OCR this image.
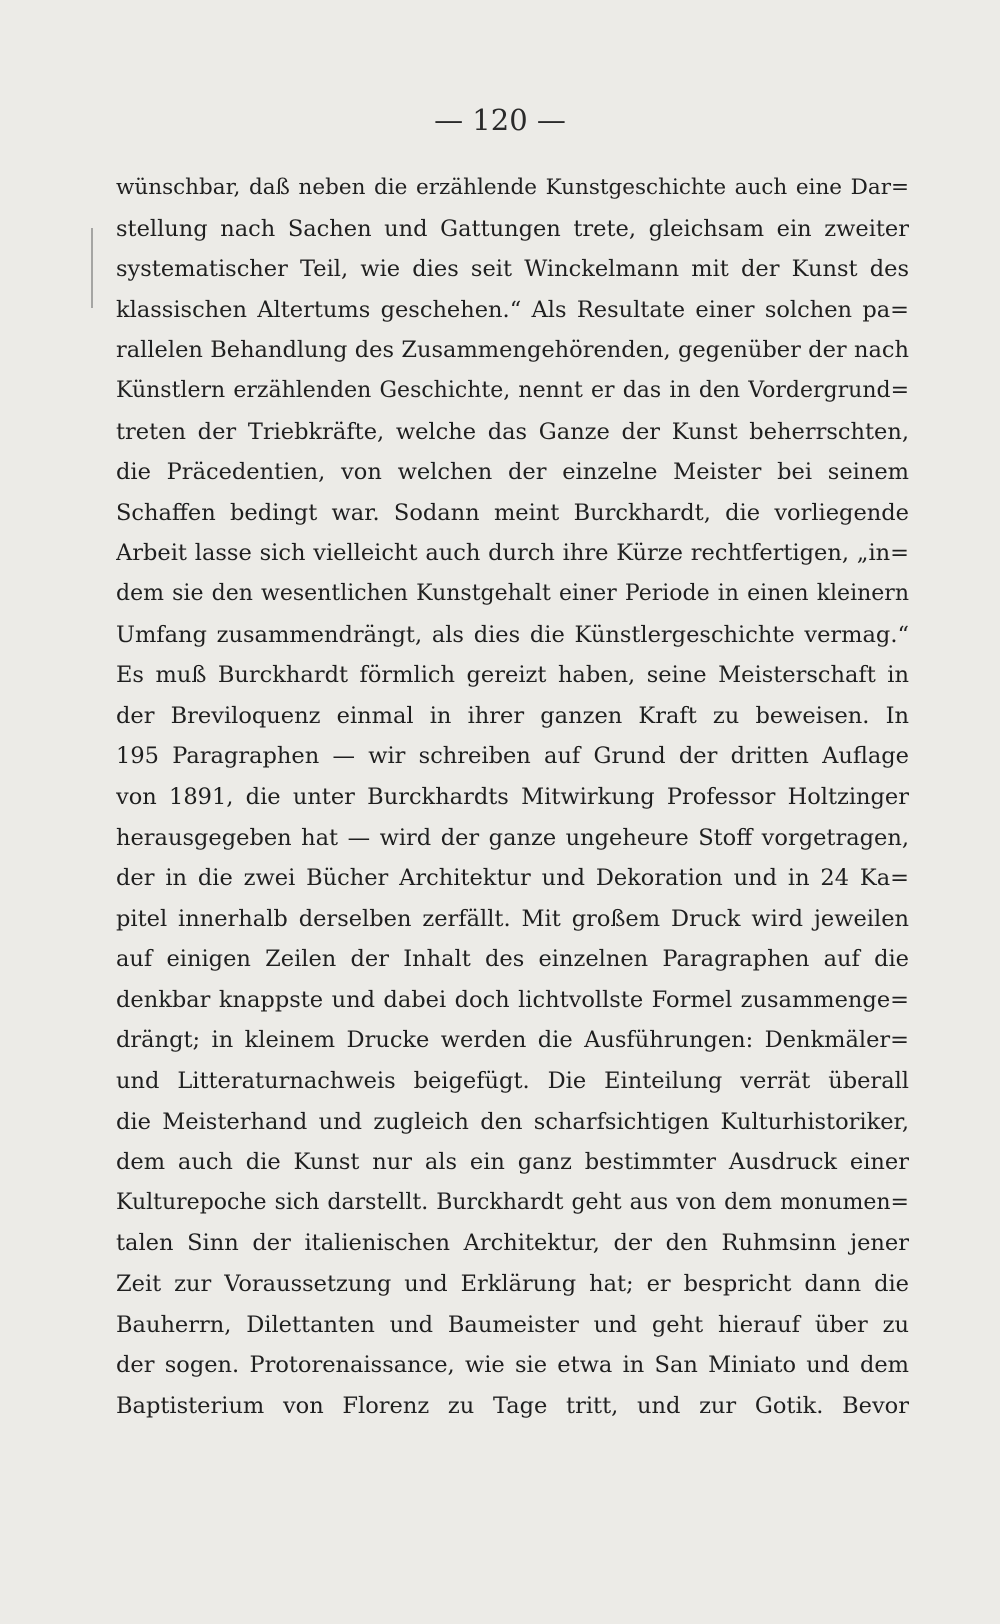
— 120 —
wünschbar, daß neben die erzählende Kunstgeschichte auch eine Dar=
stellung nach Sachen und Gattungen trete, gleichsam ein zweiter
systematischer Teil, wie dies seit Winckelmann mit der Kunst des
klassischen Altertums geschehen.“ Als Resultate einer solchen pa=
rallelen Behandlung des Zusammengehörenden, gegenüber der nach
Künstlern erzählenden Geschichte, nennt er das in den Vordergrund=
treten der Triebkräfte, welche das Ganze der Kunst beherrschten,
die Präcedentien, von welchen der einzelne Meister bei seinem
Schaffen bedingt war. Sodann meint Burckhardt, die vorliegende
Arbeit lasse sich vielleicht auch durch ihre Kürze rechtfertigen, „in=
dem sie den wesentlichen Kunstgehalt einer Periode in einen kleinern
Umfang zusammendrängt, als dies die Künstlergeschichte vermag.“
Es muß Burckhardt förmlich gereizt haben, seine Meisterschaft in
der Breviloquenz einmal in ihrer ganzen Kraft zu beweisen. In
195 Paragraphen — wir schreiben auf Grund der dritten Auflage
von 1891, die unter Burckhardts Mitwirkung Professor Holtzinger
herausgegeben hat — wird der ganze ungeheure Stoff vorgetragen,
der in die zwei Bücher Architektur und Dekoration und in 24 Ka=
pitel innerhalb derselben zerfällt. Mit großem Druck wird jeweilen
auf einigen Zeilen der Inhalt des einzelnen Paragraphen auf die
denkbar knappste und dabei doch lichtvollste Formel zusammenge=
drängt; in kleinem Drucke werden die Ausführungen: Denkmäler=
und Litteraturnachweis beigefügt. Die Einteilung verrät überall
die Meisterhand und zugleich den scharfsichtigen Kulturhistoriker,
dem auch die Kunst nur als ein ganz bestimmter Ausdruck einer
Kulturepoche sich darstellt. Burckhardt geht aus von dem monumen=
talen Sinn der italienischen Architektur, der den Ruhmsinn jener
Zeit zur Voraussetzung und Erklärung hat; er bespricht dann die
Bauherrn, Dilettanten und Baumeister und geht hierauf über zu
der sogen. Protorenaissance, wie sie etwa in San Miniato und dem
Baptisterium von Florenz zu Tage tritt, und zur Gotik. Bevor
